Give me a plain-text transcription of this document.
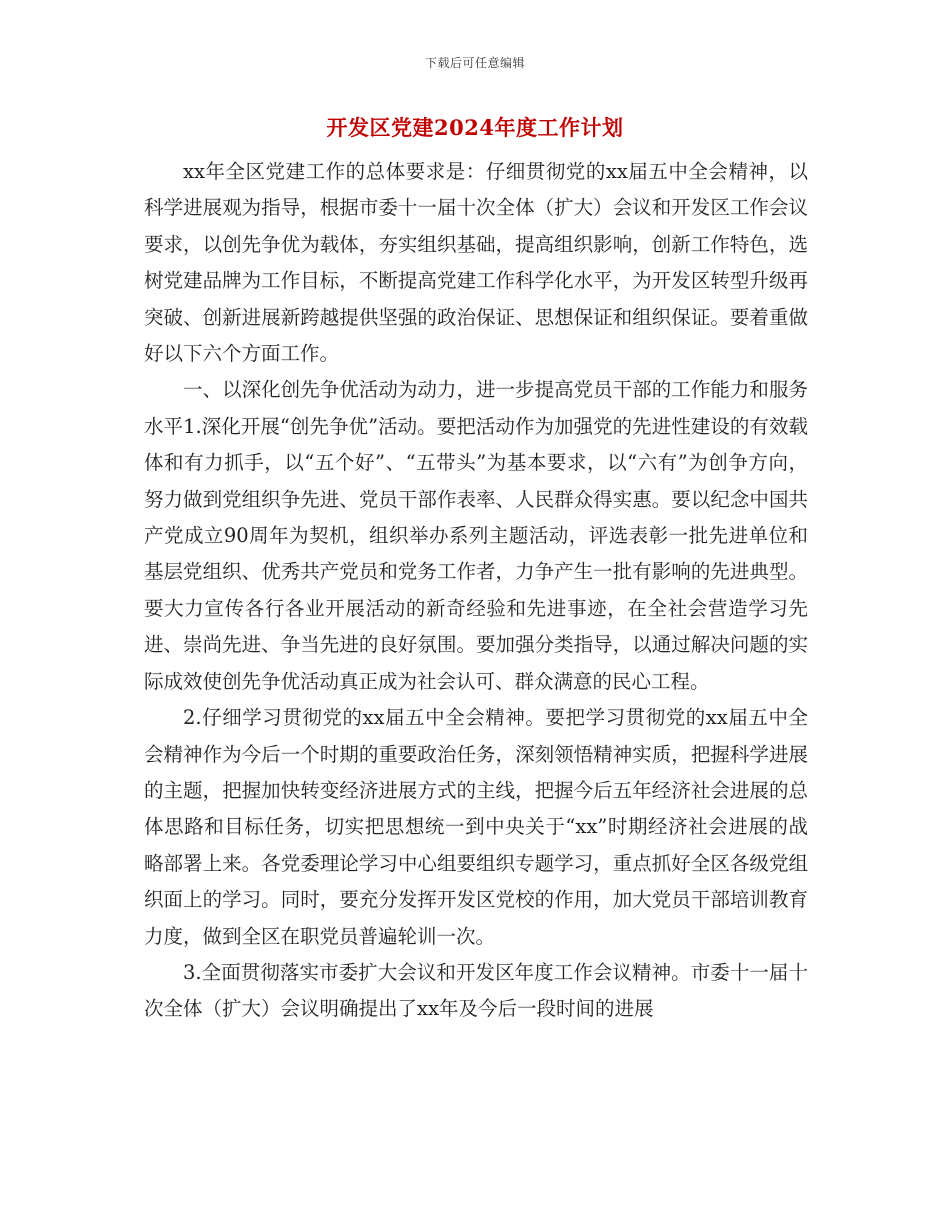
下载后可任意编辑
开发区党建2024年度工作计划

xx年全区党建工作的总体要求是：仔细贯彻党的xx届五中全会精神，以科学进展观为指导，根据市委十一届十次全体（扩大）会议和开发区工作会议要求，以创先争优为载体，夯实组织基础，提高组织影响，创新工作特色，选树党建品牌为工作目标，不断提高党建工作科学化水平，为开发区转型升级再突破、创新进展新跨越提供坚强的政治保证、思想保证和组织保证。要着重做好以下六个方面工作。

一、以深化创先争优活动为动力，进一步提高党员干部的工作能力和服务水平1.深化开展“创先争优”活动。要把活动作为加强党的先进性建设的有效载体和有力抓手，以“五个好”、“五带头”为基本要求，以“六有”为创争方向，努力做到党组织争先进、党员干部作表率、人民群众得实惠。要以纪念中国共产党成立90周年为契机，组织举办系列主题活动，评选表彰一批先进单位和基层党组织、优秀共产党员和党务工作者，力争产生一批有影响的先进典型。要大力宣传各行各业开展活动的新奇经验和先进事迹，在全社会营造学习先进、崇尚先进、争当先进的良好氛围。要加强分类指导，以通过解决问题的实际成效使创先争优活动真正成为社会认可、群众满意的民心工程。

2.仔细学习贯彻党的xx届五中全会精神。要把学习贯彻党的xx届五中全会精神作为今后一个时期的重要政治任务，深刻领悟精神实质，把握科学进展的主题，把握加快转变经济进展方式的主线，把握今后五年经济社会进展的总体思路和目标任务，切实把思想统一到中央关于“xx”时期经济社会进展的战略部署上来。各党委理论学习中心组要组织专题学习，重点抓好全区各级党组织面上的学习。同时，要充分发挥开发区党校的作用，加大党员干部培训教育力度，做到全区在职党员普遍轮训一次。

3.全面贯彻落实市委扩大会议和开发区年度工作会议精神。市委十一届十次全体（扩大）会议明确提出了xx年及今后一段时间的进展
